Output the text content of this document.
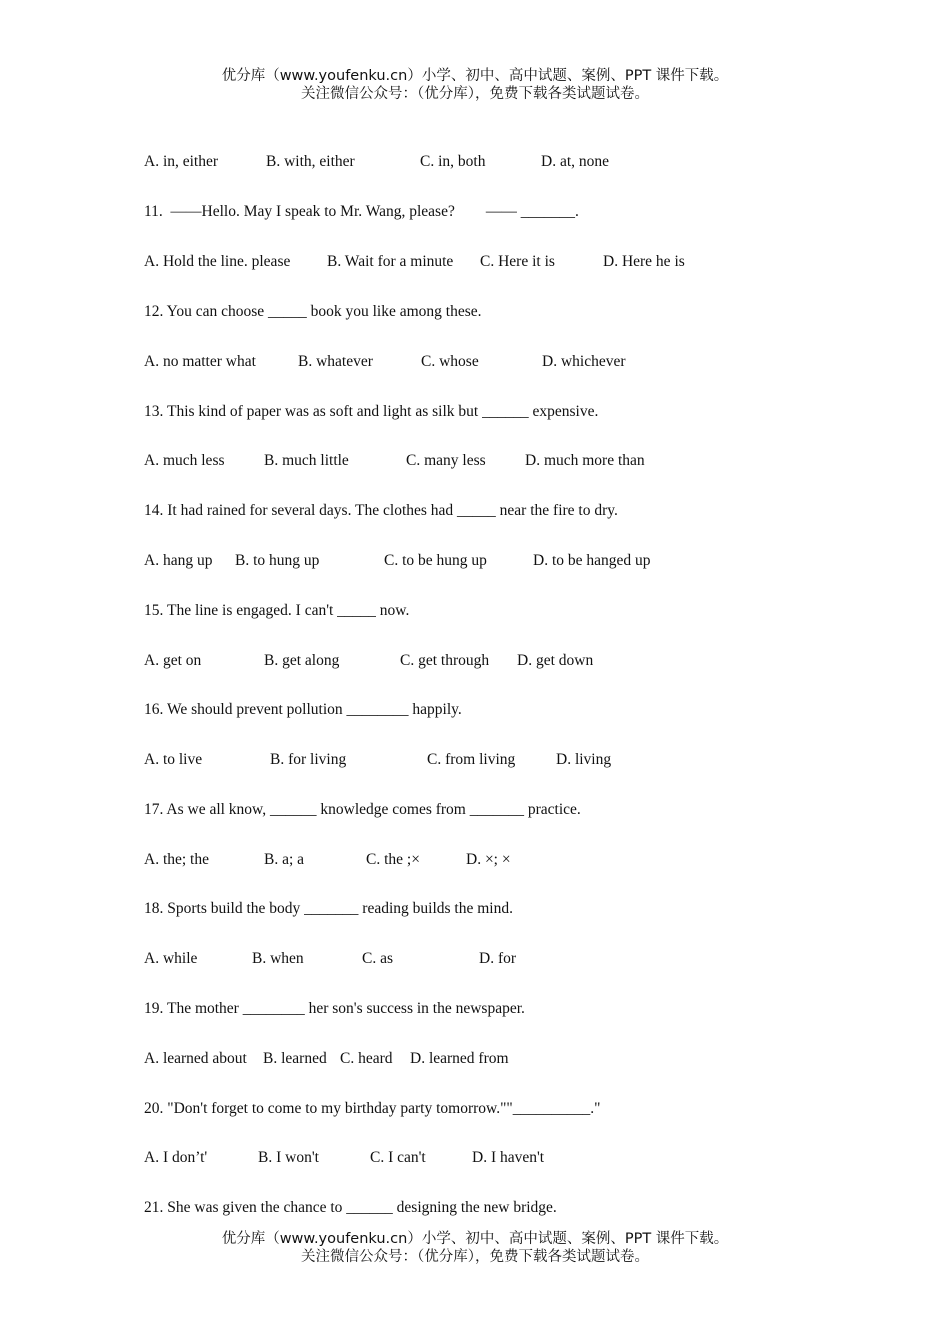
优分库（www.youfenku.cn）小学、初中、高中试题、案例、PPT 课件下载。
关注微信公众号：（优分库），免费下载各类试题试卷。
A. in, either	B. with, either	C. in, both	D. at, none
11.  ——Hello. May I speak to Mr. Wang, please?        —— _______.
A. Hold the line. please B. Wait for a minute C. Here it is	D. Here he is
12. You can choose _____ book you like among these.
A. no matter what	B. whatever	C. whose	D. whichever
13. This kind of paper was as soft and light as silk but ______ expensive.
A. much less	B. much little	C. many less	D. much more than
14. It had rained for several days. The clothes had _____ near the fire to dry.
A. hang up B. to hung up	C. to be hung up	D. to be hanged up
15. The line is engaged. I can't _____ now.
A. get on	B. get along	C. get through D. get down
16. We should prevent pollution ________ happily.
A. to live	B. for living	C. from living	D. living
17. As we all know, ______ knowledge comes from _______ practice.
A. the; the	B. a; a	C. the ;×	D. ×; ×
18. Sports build the body _______ reading builds the mind.
A. while	B. when	C. as	D. for
19. The mother ________ her son's success in the newspaper.
A. learned about B. learned C. heard D. learned from
20. "Don't forget to come to my birthday party tomorrow.""__________."
A. I don’t'	B. I won't	C. I can't	D. I haven't
21. She was given the chance to ______ designing the new bridge.
优分库（www.youfenku.cn）小学、初中、高中试题、案例、PPT 课件下载。
关注微信公众号：（优分库），免费下载各类试题试卷。
